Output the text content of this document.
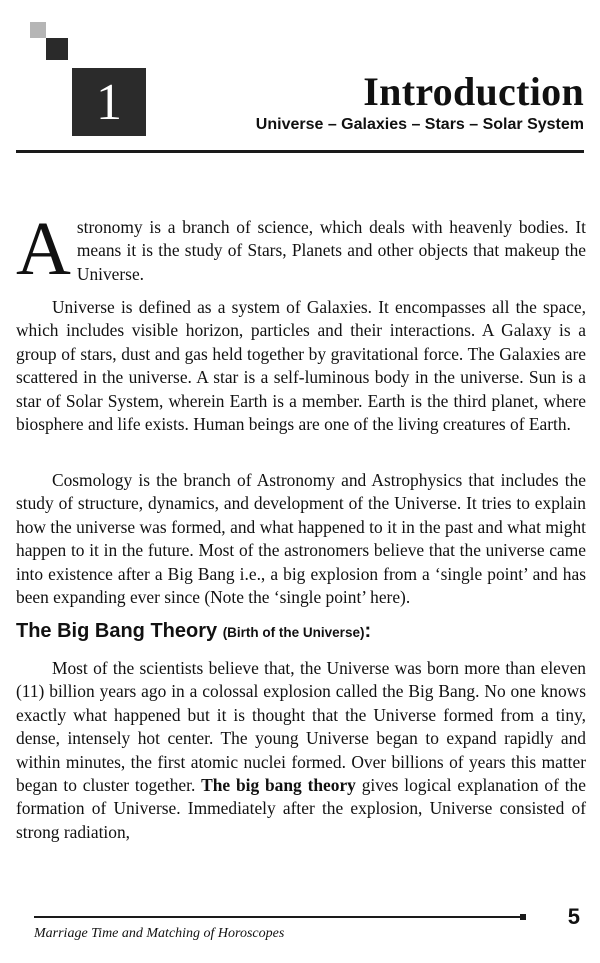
1	Introduction
Universe – Galaxies – Stars – Solar System
Astronomy is a branch of science, which deals with heavenly bodies. It means it is the study of Stars, Planets and other objects that makeup the Universe.
Universe is defined as a system of Galaxies. It encompasses all the space, which includes visible horizon, particles and their interactions. A Galaxy is a group of stars, dust and gas held together by gravitational force. The Galaxies are scattered in the universe. A star is a self-luminous body in the universe. Sun is a star of Solar System, wherein Earth is a member. Earth is the third planet, where biosphere and life exists. Human beings are one of the living creatures of Earth.
Cosmology is the branch of Astronomy and Astrophysics that includes the study of structure, dynamics, and development of the Universe. It tries to explain how the universe was formed, and what happened to it in the past and what might happen to it in the future. Most of the astronomers believe that the universe came into existence after a Big Bang i.e., a big explosion from a ‘single point’ and has been expanding ever since (Note the ‘single point’ here).
The Big Bang Theory (Birth of the Universe):
Most of the scientists believe that, the Universe was born more than eleven (11) billion years ago in a colossal explosion called the Big Bang. No one knows exactly what happened but it is thought that the Universe formed from a tiny, dense, intensely hot center. The young Universe began to expand rapidly and within minutes, the first atomic nuclei formed. Over billions of years this matter began to cluster together. The big bang theory gives logical explanation of the formation of Universe. Immediately after the explosion, Universe consisted of strong radiation,
Marriage Time and Matching of Horoscopes
5
